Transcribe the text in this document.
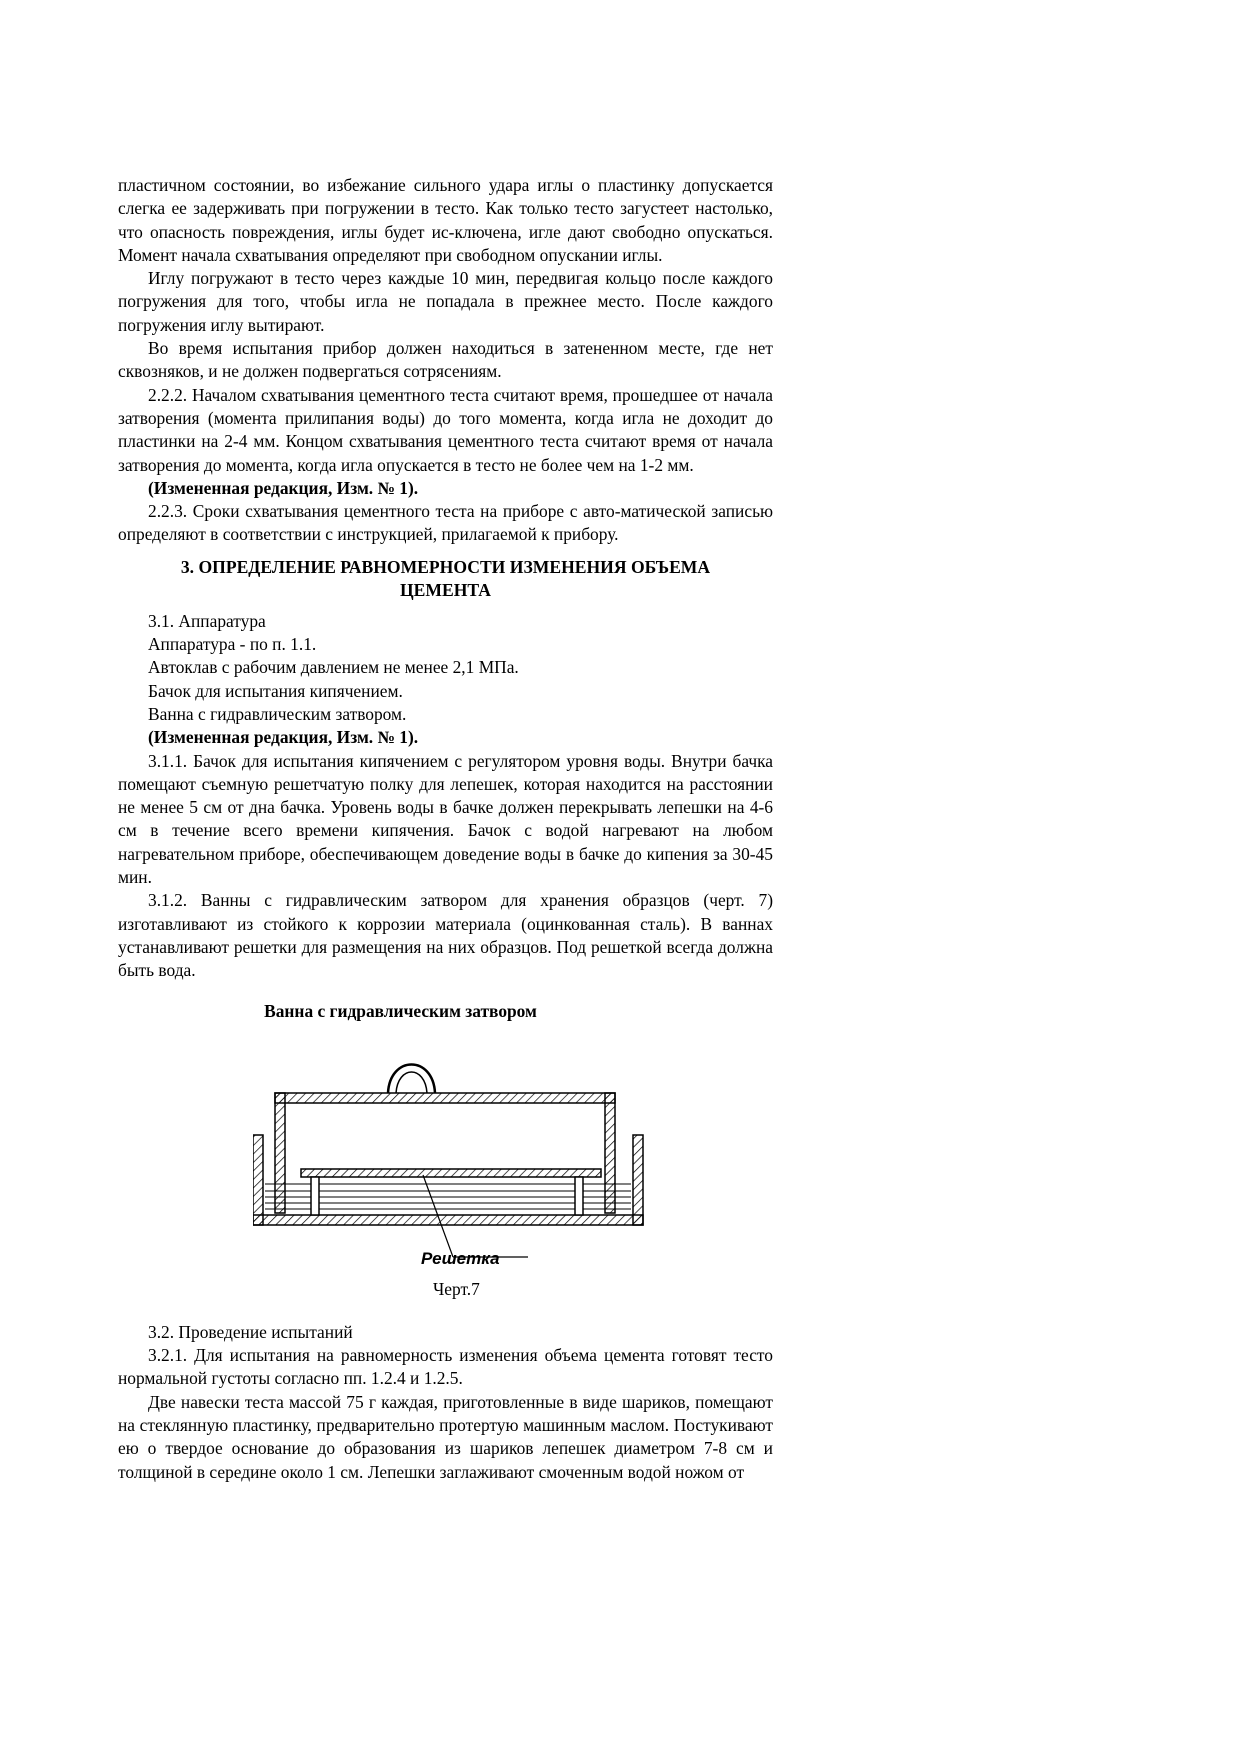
пластичном состоянии, во избежание сильного удара иглы о пластинку допускается слегка ее задерживать при погружении в тесто. Как только тесто загустеет настолько, что опасность повреждения, иглы будет ис-ключена, игле дают свободно опускаться. Момент начала схватывания определяют при свободном опускании иглы.

Иглу погружают в тесто через каждые 10 мин, передвигая кольцо после каждого погружения для того, чтобы игла не попадала в прежнее место. После каждого погружения иглу вытирают.

Во время испытания прибор должен находиться в затененном месте, где нет сквозняков, и не должен подвергаться сотрясениям.

2.2.2. Началом схватывания цементного теста считают время, прошедшее от начала затворения (момента прилипания воды) до того момента, когда игла не доходит до пластинки на 2-4 мм. Концом схватывания цементного теста считают время от начала затворения до момента, когда игла опускается в тесто не более чем на 1-2 мм.

(Измененная редакция, Изм. № 1).

2.2.3. Сроки схватывания цементного теста на приборе с авто-матической записью определяют в соответствии с инструкцией, прилагаемой к прибору.

3. ОПРЕДЕЛЕНИЕ РАВНОМЕРНОСТИ ИЗМЕНЕНИЯ ОБЪЕМА
ЦЕМЕНТА

3.1. Аппаратура

Аппаратура - по п. 1.1.

Автоклав с рабочим давлением не менее 2,1 МПа.

Бачок для испытания кипячением.

Ванна с гидравлическим затвором.

(Измененная редакция, Изм. № 1).

3.1.1. Бачок для испытания кипячением с регулятором уровня воды. Внутри бачка помещают съемную решетчатую полку для лепешек, которая находится на расстоянии не менее 5 см от дна бачка. Уровень воды в бачке должен перекрывать лепешки на 4-6 см в течение всего времени кипячения. Бачок с водой нагревают на любом нагревательном приборе, обеспечивающем доведение воды в бачке до кипения за 30-45 мин.

3.1.2. Ванны с гидравлическим затвором для хранения образцов (черт. 7) изготавливают из стойкого к коррозии материала (оцинкованная сталь). В ваннах устанавливают решетки для размещения на них образцов. Под решеткой всегда должна быть вода.

Ванна с гидравлическим затвором

Решетка
Черт.7

3.2. Проведение испытаний

3.2.1. Для испытания на равномерность изменения объема цемента готовят тесто нормальной густоты согласно пп. 1.2.4 и 1.2.5.

Две навески теста массой 75 г каждая, приготовленные в виде шариков, помещают на стеклянную пластинку, предварительно протертую машинным маслом. Постукивают ею о твердое основание до образования из шариков лепешек диаметром 7-8 см и толщиной в середине около 1 см. Лепешки заглаживают смоченным водой ножом от
